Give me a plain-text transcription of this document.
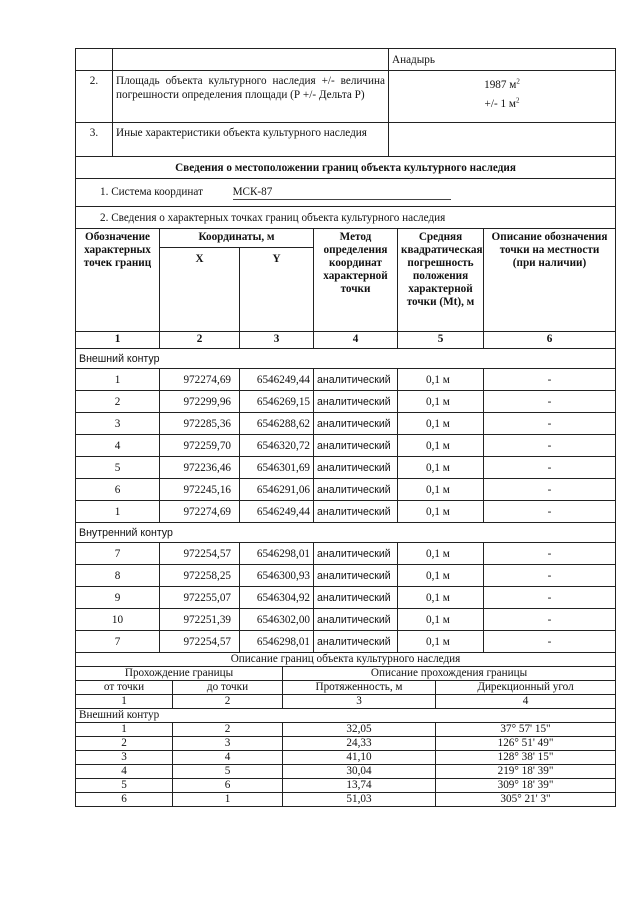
		Анадырь
2.	Площадь объекта культурного наследия +/- величина погрешности определения площади (Р +/- Дельта Р)	1987 $м^2$
+/- 1 $м^2$
3.	Иные характеристики объекта культурного наследия	
Сведения о местоположении границ объекта культурного наследия		
1. Система координат МСК-87		
2. Сведения о характерных точках границ объекта культурного наследия		
Обозначение характерных точек границ	Координаты, м		Метод определения координат характерной точки	Средняя квадратическая погрешность положения характерной точки (Mt), м	Описание обозначения точки на местности (при наличии)
	X	Y			
1	2	3	4	5	6
Внешний контур					
1	972274,69	6546249,44	аналитический	0,1 м	-
2	972299,96	6546269,15	аналитический	0,1 м	-
3	972285,36	6546288,62	аналитический	0,1 м	-
4	972259,70	6546320,72	аналитический	0,1 м	-
5	972236,46	6546301,69	аналитический	0,1 м	-
6	972245,16	6546291,06	аналитический	0,1 м	-
1	972274,69	6546249,44	аналитический	0,1 м	-
Внутренний контур					
7	972254,57	6546298,01	аналитический	0,1 м	-
8	972258,25	6546300,93	аналитический	0,1 м	-
9	972255,07	6546304,92	аналитический	0,1 м	-
10	972251,39	6546302,00	аналитический	0,1 м	-
7	972254,57	6546298,01	аналитический	0,1 м	-
Описание границ объекта культурного наследия			
Прохождение границы		Описание прохождения границы	
от точки	до точки	Протяженность, м	Дирекционный угол
1	2	3	4
Внешний контур			
1	2	32,05	37° 57' 15"
2	3	24,33	126° 51' 49"
3	4	41,10	128° 38' 15"
4	5	30,04	219° 18' 39"
5	6	13,74	309° 18' 39"
6	1	51,03	305° 21' 3"
